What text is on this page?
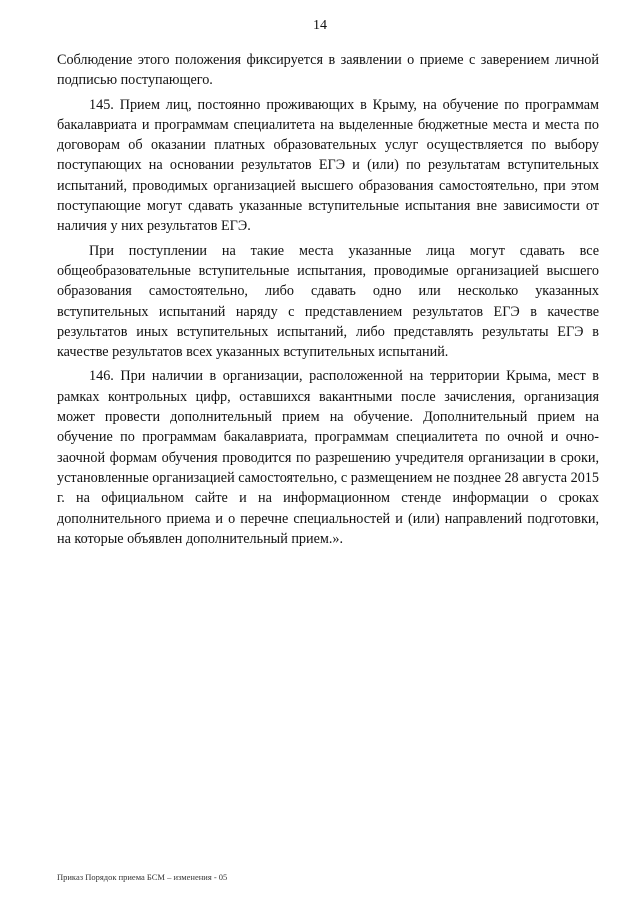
14

Соблюдение этого положения фиксируется в заявлении о приеме с заверением личной подписью поступающего.

145. Прием лиц, постоянно проживающих в Крыму, на обучение по программам бакалавриата и программам специалитета на выделенные бюджетные места и места по договорам об оказании платных образовательных услуг осуществляется по выбору поступающих на основании результатов ЕГЭ и (или) по результатам вступительных испытаний, проводимых организацией высшего образования самостоятельно, при этом поступающие могут сдавать указанные вступительные испытания вне зависимости от наличия у них результатов ЕГЭ.

При поступлении на такие места указанные лица могут сдавать все общеобразовательные вступительные испытания, проводимые организацией высшего образования самостоятельно, либо сдавать одно или несколько указанных вступительных испытаний наряду с представлением результатов ЕГЭ в качестве результатов иных вступительных испытаний, либо представлять результаты ЕГЭ в качестве результатов всех указанных вступительных испытаний.

146. При наличии в организации, расположенной на территории Крыма, мест в рамках контрольных цифр, оставшихся вакантными после зачисления, организация может провести дополнительный прием на обучение. Дополнительный прием на обучение по программам бакалавриата, программам специалитета по очной и очно-заочной формам обучения проводится по разрешению учредителя организации в сроки, установленные организацией самостоятельно, с размещением не позднее 28 августа 2015 г. на официальном сайте и на информационном стенде информации о сроках дополнительного приема и о перечне специальностей и (или) направлений подготовки, на которые объявлен дополнительный прием.».

Приказ Порядок приема БСМ – изменения - 05
